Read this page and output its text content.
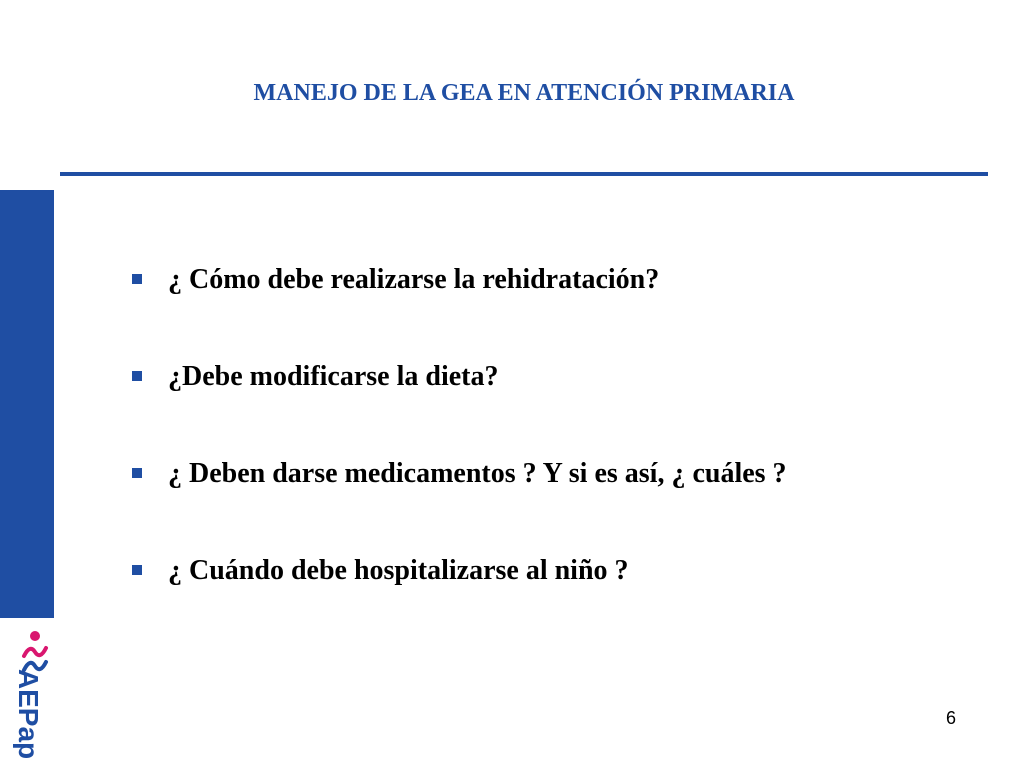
AEPap
MANEJO DE LA GEA EN ATENCIÓN PRIMARIA
¿ Cómo debe realizarse la rehidratación?
¿Debe modificarse la dieta?
¿ Deben darse medicamentos ? Y si es así, ¿ cuáles ?
¿ Cuándo debe hospitalizarse al niño ?
6
